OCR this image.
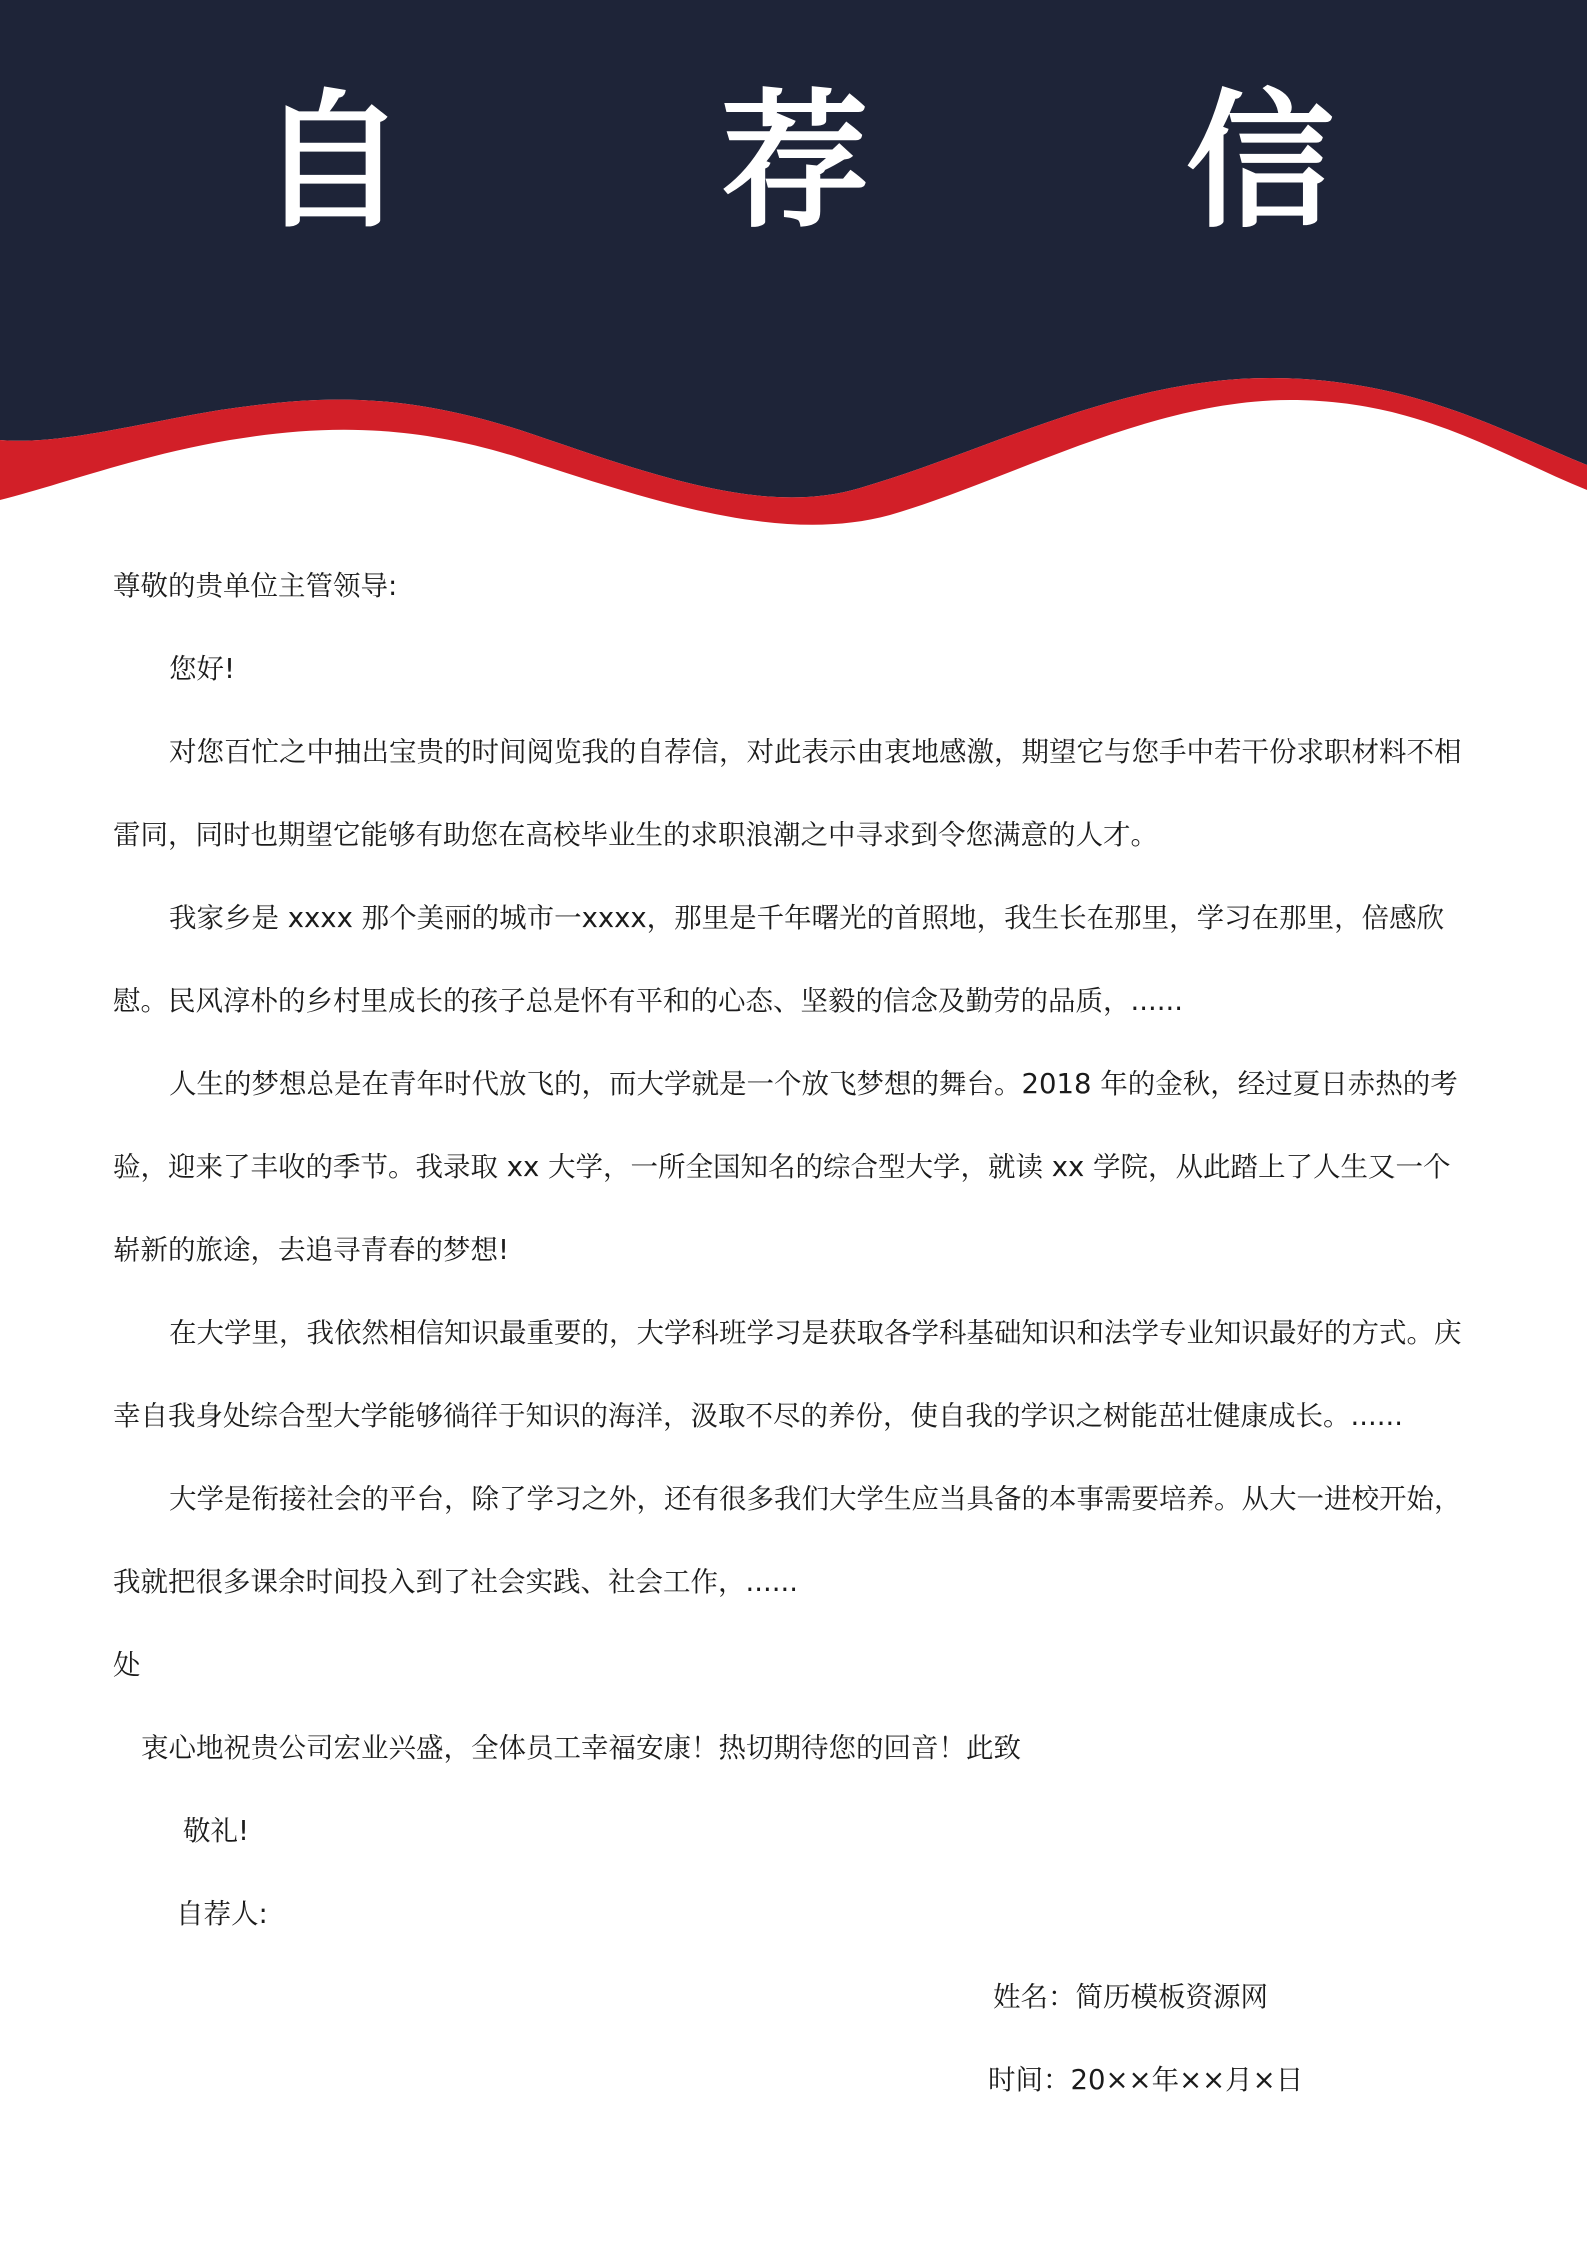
自 荐 信

尊敬的贵单位主管领导:

您好!

对您百忙之中抽出宝贵的时间阅览我的自荐信，对此表示由衷地感激，期望它与您手中若干份求职材料不相雷同，同时也期望它能够有助您在高校毕业生的求职浪潮之中寻求到令您满意的人才。

我家乡是 xxxx 那个美丽的城市一xxxx，那里是千年曙光的首照地，我生长在那里，学习在那里，倍感欣慰。民风淳朴的乡村里成长的孩子总是怀有平和的心态、坚毅的信念及勤劳的品质，......

人生的梦想总是在青年时代放飞的，而大学就是一个放飞梦想的舞台。2018 年的金秋，经过夏日赤热的考验，迎来了丰收的季节。我录取 xx 大学，一所全国知名的综合型大学，就读 xx 学院，从此踏上了人生又一个崭新的旅途，去追寻青春的梦想!

在大学里，我依然相信知识最重要的，大学科班学习是获取各学科基础知识和法学专业知识最好的方式。庆幸自我身处综合型大学能够徜徉于知识的海洋，汲取不尽的养份，使自我的学识之树能茁壮健康成长。......

大学是衔接社会的平台，除了学习之外，还有很多我们大学生应当具备的本事需要培养。从大一进校开始，我就把很多课余时间投入到了社会实践、社会工作，......

处

衷心地祝贵公司宏业兴盛，全体员工幸福安康！热切期待您的回音！此致

敬礼!

自荐人:

姓名：简历模板资源网

时间：20××年××月×日
